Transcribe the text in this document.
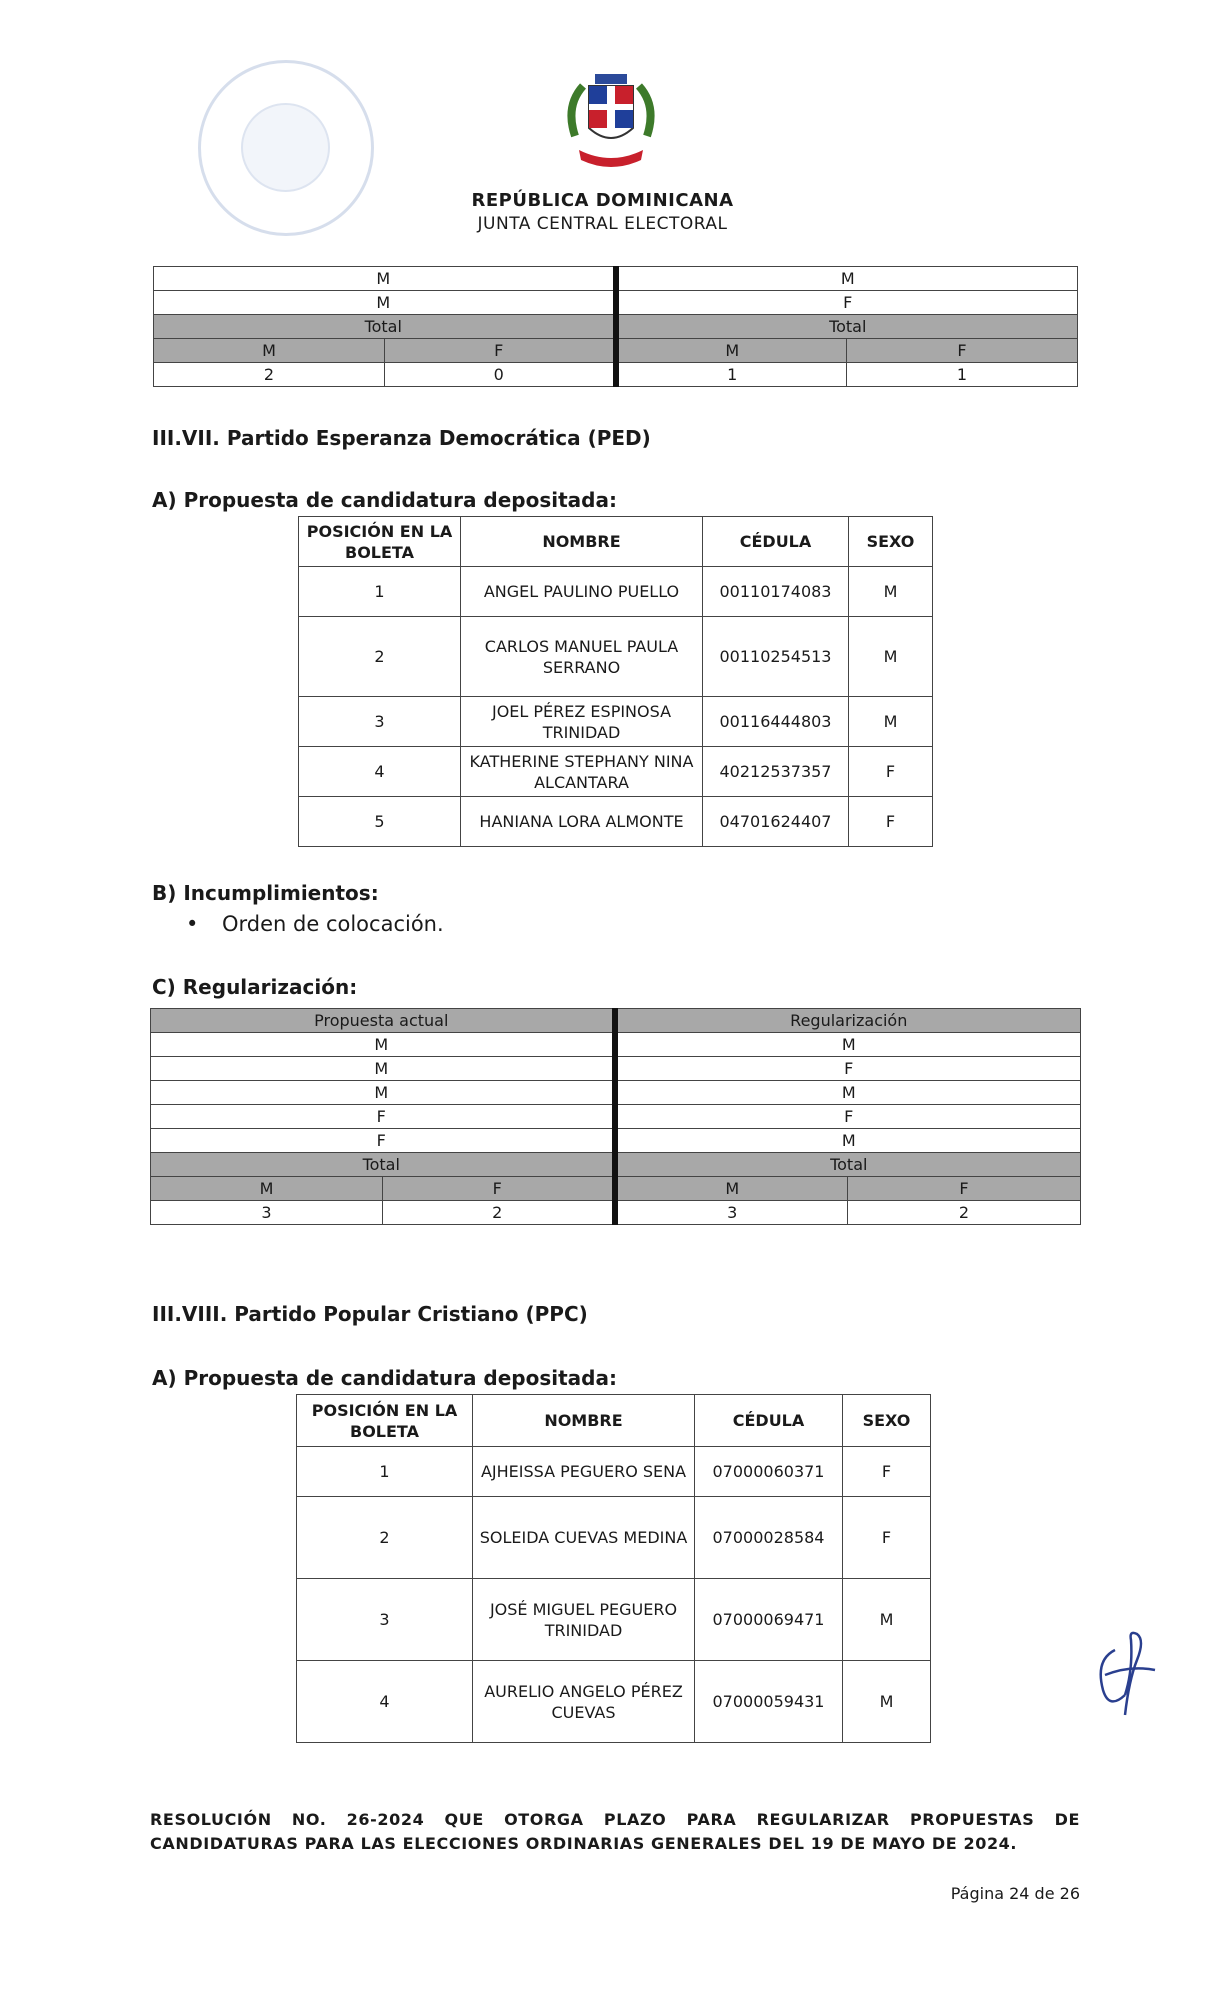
REPÚBLICA DOMINICANA
JUNTA CENTRAL ELECTORAL
M		M	
M		F	
Total		Total	
M	F	M	F
2	0	1	1
III.VII. Partido Esperanza Democrática (PED)
A) Propuesta de candidatura depositada:
POSICIÓN EN LA BOLETA	NOMBRE	CÉDULA	SEXO
1	ANGEL PAULINO PUELLO	00110174083	M
2	CARLOS MANUEL PAULA SERRANO	00110254513	M
3	JOEL PÉREZ ESPINOSA TRINIDAD	00116444803	M
4	KATHERINE STEPHANY NINA ALCANTARA	40212537357	F
5	HANIANA LORA ALMONTE	04701624407	F
B) Incumplimientos:
• Orden de colocación.
C) Regularización:
Propuesta actual		Regularización	
M		M	
M		F	
M		M	
F		F	
F		M	
Total		Total	
M	F	M	F
3	2	3	2
III.VIII. Partido Popular Cristiano (PPC)
A) Propuesta de candidatura depositada:
POSICIÓN EN LA BOLETA	NOMBRE	CÉDULA	SEXO
1	AJHEISSA PEGUERO SENA	07000060371	F
2	SOLEIDA CUEVAS MEDINA	07000028584	F
3	JOSÉ MIGUEL PEGUERO TRINIDAD	07000069471	M
4	AURELIO ANGELO PÉREZ CUEVAS	07000059431	M
RESOLUCIÓN NO. 26-2024 QUE OTORGA PLAZO PARA REGULARIZAR PROPUESTAS DE CANDIDATURAS PARA LAS ELECCIONES ORDINARIAS GENERALES DEL 19 DE MAYO DE 2024.
Página 24 de 26
